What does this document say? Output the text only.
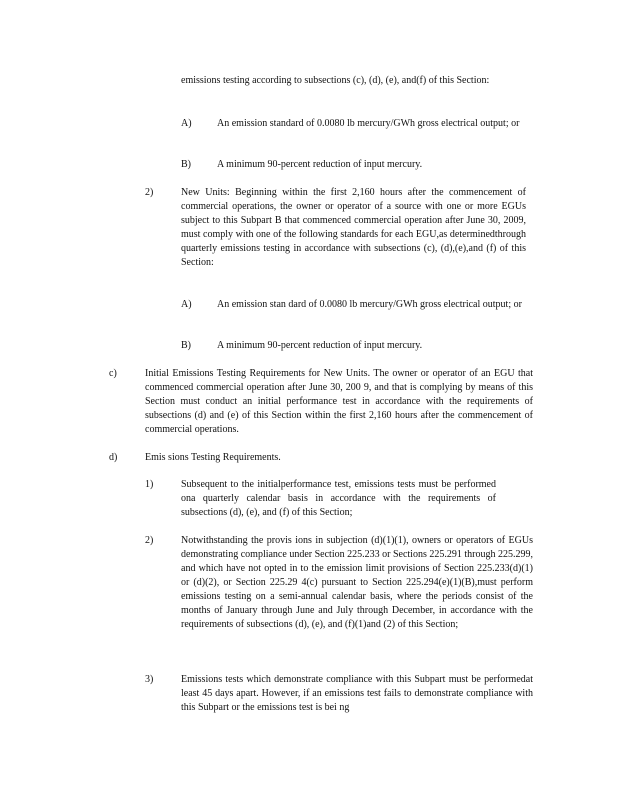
emissions testing according to subsections (c), (d), (e), and(f) of this Section:
A)	An emission standard of 0.0080 lb mercury/GWh gross electrical output; or
B)	A minimum 90-percent reduction of input mercury.
2)	New Units: Beginning within the first 2,160 hours after the commencement of commercial operations, the owner or operator of a source with one or more EGUs subject to this Subpart B that commenced commercial operation after June 30, 2009, must comply with one of the following standards for each EGU,as determinedthrough quarterly emissions testing in accordance with subsections (c), (d),(e),and (f) of this Section:
A)	An emission stan dard of 0.0080 lb mercury/GWh gross electrical output; or
B)	A minimum 90-percent reduction of input mercury.
c)	Initial Emissions Testing Requirements for New Units. The owner or operator of an EGU that commenced commercial operation after June 30, 200 9, and that is complying by means of this Section must conduct an initial performance test in accordance with the requirements of subsections (d) and (e) of this Section within the first 2,160 hours after the commencement of commercial operations.
d)	Emis sions Testing Requirements.
1)	Subsequent to the initialperformance test, emissions tests must be performed ona quarterly calendar basis in accordance with the requirements of subsections (d), (e), and (f) of this Section;
2)	Notwithstanding the provis ions in subjection (d)(1)(1), owners or operators of EGUs demonstrating compliance under Section 225.233 or Sections 225.291 through 225.299, and which have not opted in to the emission limit provisions of Section 225.233(d)(1) or (d)(2), or Section 225.29 4(c) pursuant to Section 225.294(e)(1)(B),must perform emissions testing on a semi-annual calendar basis, where the periods consist of the months of January through June and July through December, in accordance with the requirements of subsections (d), (e), and (f)(1)and (2) of this Section;
3)	Emissions tests which demonstrate compliance with this Subpart must be performedat least 45 days apart. However, if an emissions test fails to demonstrate compliance with this Subpart or the emissions test is bei ng
